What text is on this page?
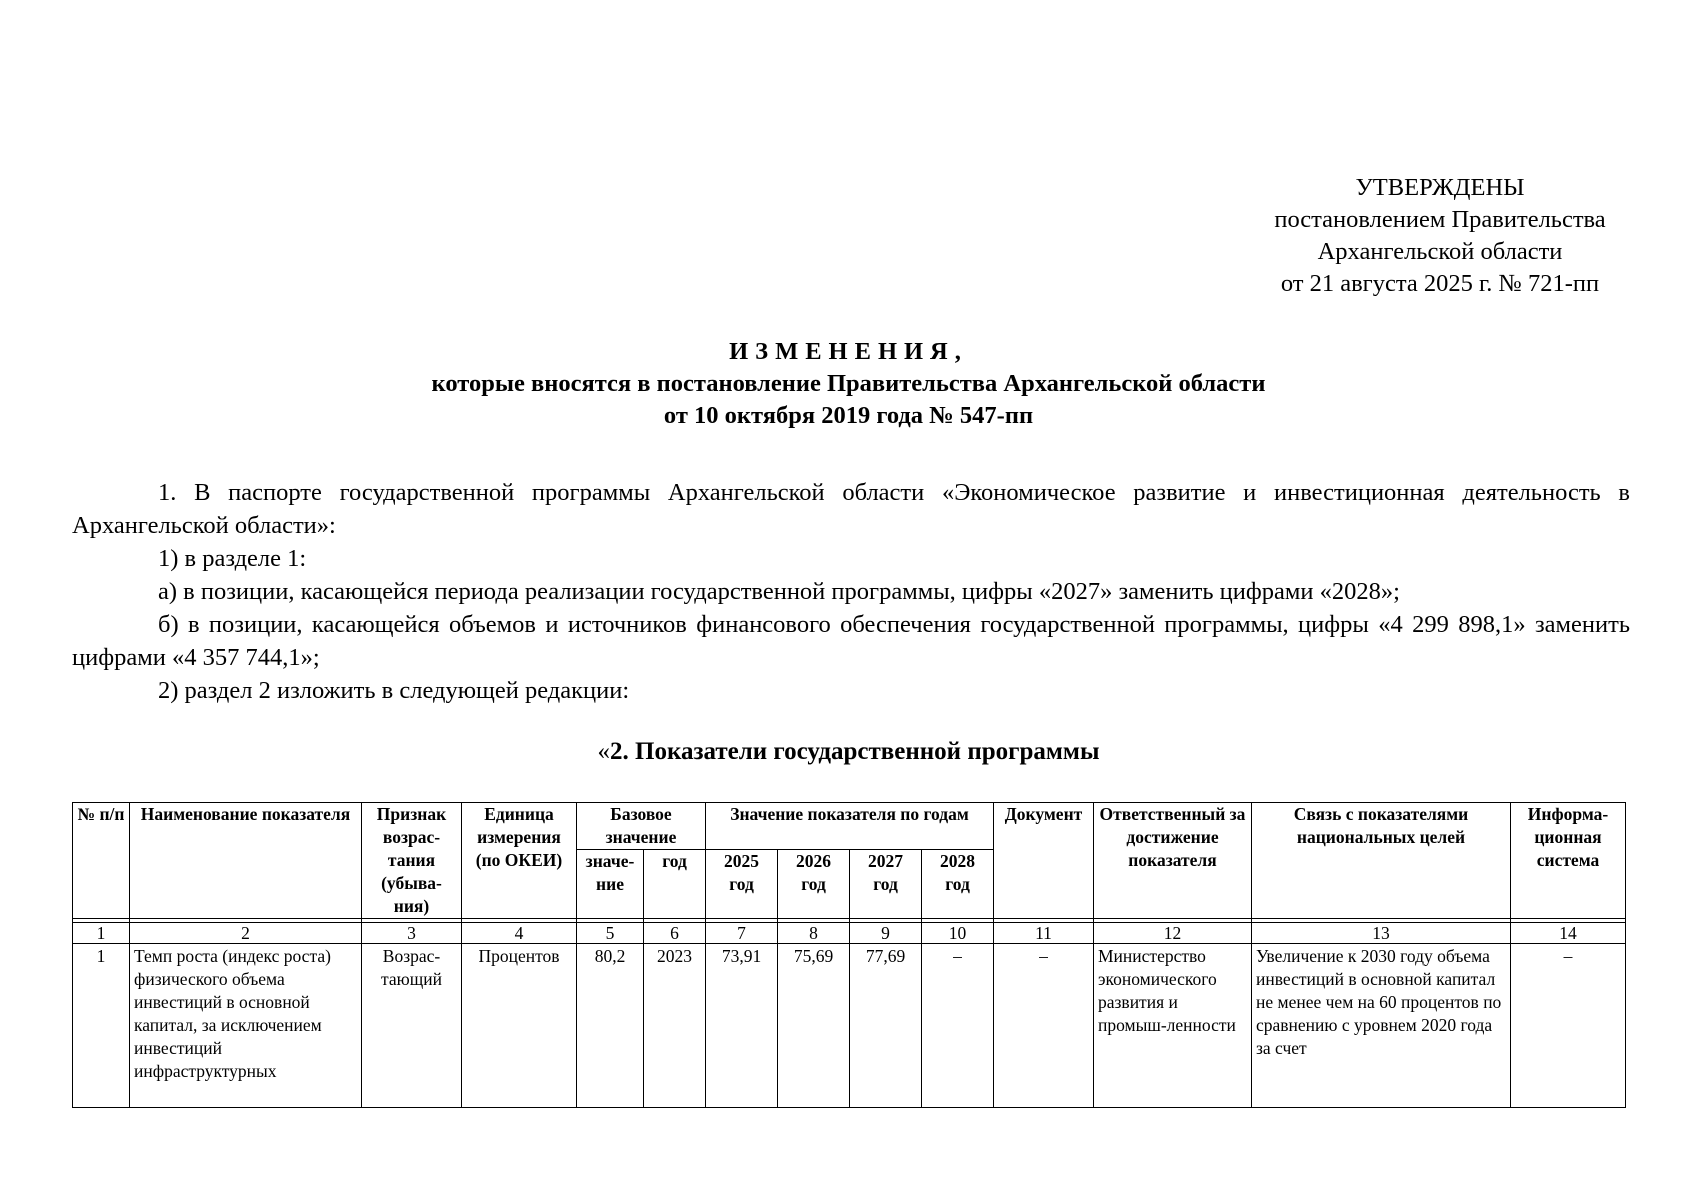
УТВЕРЖДЕНЫ
постановлением Правительства
Архангельской области
от 21 августа 2025 г. № 721-пп
ИЗМЕНЕНИЯ,
которые вносятся в постановление Правительства Архангельской области
от 10 октября 2019 года № 547-пп

1. В паспорте государственной программы Архангельской области «Экономическое развитие и инвестиционная деятельность в Архангельской области»:

1) в разделе 1:

а) в позиции, касающейся периода реализации государственной программы, цифры «2027» заменить цифрами «2028»;

б) в позиции, касающейся объемов и источников финансового обеспечения государственной программы, цифры «4 299 898,1» заменить цифрами «4 357 744,1»;

2) раздел 2 изложить в следующей редакции:

«2. Показатели государственной программы
№ п/п	Наименование показателя	Признак возрас-тания (убыва-ния)	Единица измерения (по ОКЕИ)	Базовое значение		Значение показателя по годам				Документ	Ответственный за достижение показателя	Связь с показателями национальных целей	Информа-ционная система
				значе-ние	год	2025 год	2026 год	2027 год	2028 год				

1	2	3	4	5	6	7	8	9	10	11	12	13	14
1	Темп роста (индекс роста) физического объема инвестиций в основной капитал, за исключением инвестиций инфраструктурных	Возрас-тающий	Процентов	80,2	2023	73,91	75,69	77,69	–	–	Министерство экономического развития и промыш-ленности	Увеличение к 2030 году объема инвестиций в основной капитал не менее чем на 60 процентов по сравнению с уровнем 2020 года за счет	–
